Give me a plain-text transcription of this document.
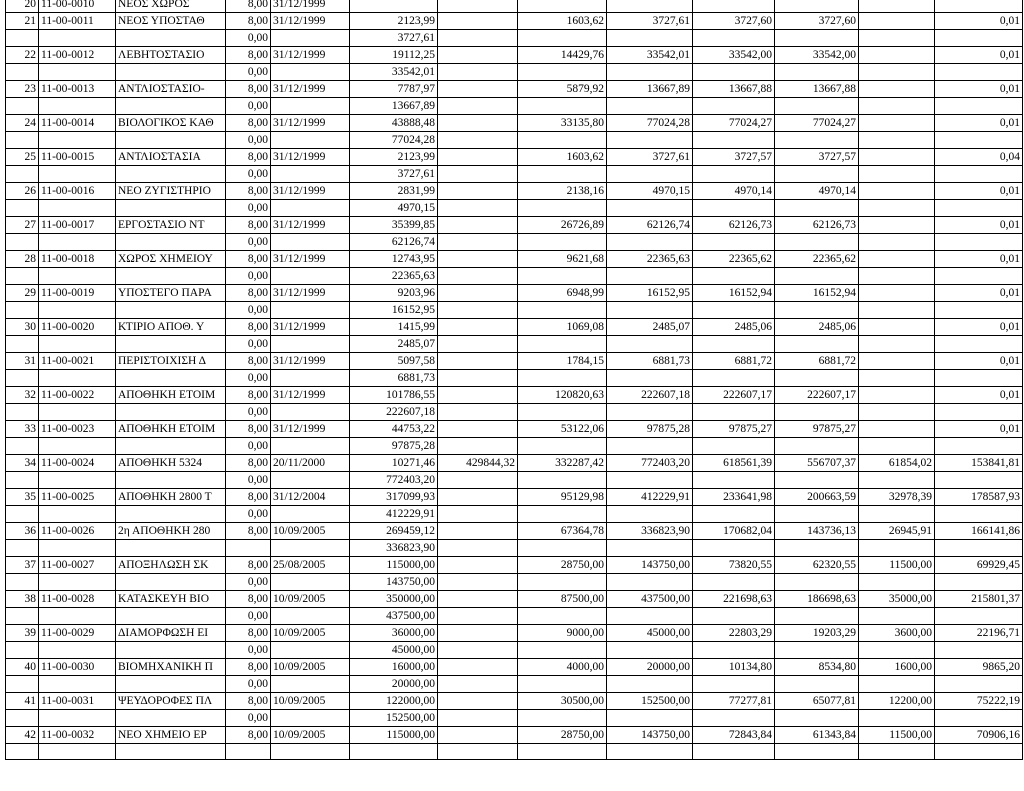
20	11-00-0010	ΝΕΟΣ ΧΩΡΟΣ	8,00	31/12/1999								
21	11-00-0011	ΝΕΟΣ ΥΠΟΣΤΑΘ	8,00	31/12/1999	2123,99		1603,62	3727,61	3727,60	3727,60		0,01
			0,00		3727,61							
22	11-00-0012	ΛΕΒΗΤΟΣΤΑΣΙΟ	8,00	31/12/1999	19112,25		14429,76	33542,01	33542,00	33542,00		0,01
			0,00		33542,01							
23	11-00-0013	ΑΝΤΛΙΟΣΤΑΣΙΟ-	8,00	31/12/1999	7787,97		5879,92	13667,89	13667,88	13667,88		0,01
			0,00		13667,89							
24	11-00-0014	ΒΙΟΛΟΓΙΚΟΣ ΚΑΘ	8,00	31/12/1999	43888,48		33135,80	77024,28	77024,27	77024,27		0,01
			0,00		77024,28							
25	11-00-0015	ΑΝΤΛΙΟΣΤΑΣΙΑ	8,00	31/12/1999	2123,99		1603,62	3727,61	3727,57	3727,57		0,04
			0,00		3727,61							
26	11-00-0016	ΝΕΟ ΖΥΓΙΣΤΗΡΙΟ	8,00	31/12/1999	2831,99		2138,16	4970,15	4970,14	4970,14		0,01
			0,00		4970,15							
27	11-00-0017	ΕΡΓΟΣΤΑΣΙΟ ΝΤ	8,00	31/12/1999	35399,85		26726,89	62126,74	62126,73	62126,73		0,01
			0,00		62126,74							
28	11-00-0018	ΧΩΡΟΣ ΧΗΜΕΙΟΥ	8,00	31/12/1999	12743,95		9621,68	22365,63	22365,62	22365,62		0,01
			0,00		22365,63							
29	11-00-0019	ΥΠΟΣΤΕΓΟ ΠΑΡΑ	8,00	31/12/1999	9203,96		6948,99	16152,95	16152,94	16152,94		0,01
			0,00		16152,95							
30	11-00-0020	ΚΤΙΡΙΟ ΑΠΟΘ. Υ	8,00	31/12/1999	1415,99		1069,08	2485,07	2485,06	2485,06		0,01
			0,00		2485,07							
31	11-00-0021	ΠΕΡΙΣΤΟΙΧΙΣΗ Δ	8,00	31/12/1999	5097,58		1784,15	6881,73	6881,72	6881,72		0,01
			0,00		6881,73							
32	11-00-0022	ΑΠΟΘΗΚΗ ΕΤΟΙΜ	8,00	31/12/1999	101786,55		120820,63	222607,18	222607,17	222607,17		0,01
			0,00		222607,18							
33	11-00-0023	ΑΠΟΘΗΚΗ ΕΤΟΙΜ	8,00	31/12/1999	44753,22		53122,06	97875,28	97875,27	97875,27		0,01
			0,00		97875,28							
34	11-00-0024	ΑΠΟΘΗΚΗ 5324	8,00	20/11/2000	10271,46	429844,32	332287,42	772403,20	618561,39	556707,37	61854,02	153841,81
			0,00		772403,20							
35	11-00-0025	ΑΠΟΘΗΚΗ 2800 Τ	8,00	31/12/2004	317099,93		95129,98	412229,91	233641,98	200663,59	32978,39	178587,93
			0,00		412229,91							
36	11-00-0026	2η ΑΠΟΘΗΚΗ 280	8,00	10/09/2005	269459,12		67364,78	336823,90	170682,04	143736,13	26945,91	166141,86
					336823,90							
37	11-00-0027	ΑΠΟΞΗΛΩΣΗ ΣΚ	8,00	25/08/2005	115000,00		28750,00	143750,00	73820,55	62320,55	11500,00	69929,45
			0,00		143750,00							
38	11-00-0028	ΚΑΤΑΣΚΕΥΗ ΒΙΟ	8,00	10/09/2005	350000,00		87500,00	437500,00	221698,63	186698,63	35000,00	215801,37
			0,00		437500,00							
39	11-00-0029	ΔΙΑΜΟΡΦΩΣΗ ΕΙ	8,00	10/09/2005	36000,00		9000,00	45000,00	22803,29	19203,29	3600,00	22196,71
			0,00		45000,00							
40	11-00-0030	ΒΙΟΜΗΧΑΝΙΚΗ Π	8,00	10/09/2005	16000,00		4000,00	20000,00	10134,80	8534,80	1600,00	9865,20
			0,00		20000,00							
41	11-00-0031	ΨΕΥΔΟΡΟΦΕΣ ΠΛ	8,00	10/09/2005	122000,00		30500,00	152500,00	77277,81	65077,81	12200,00	75222,19
			0,00		152500,00							
42	11-00-0032	ΝΕΟ ΧΗΜΕΙΟ ΕΡ	8,00	10/09/2005	115000,00		28750,00	143750,00	72843,84	61343,84	11500,00	70906,16
